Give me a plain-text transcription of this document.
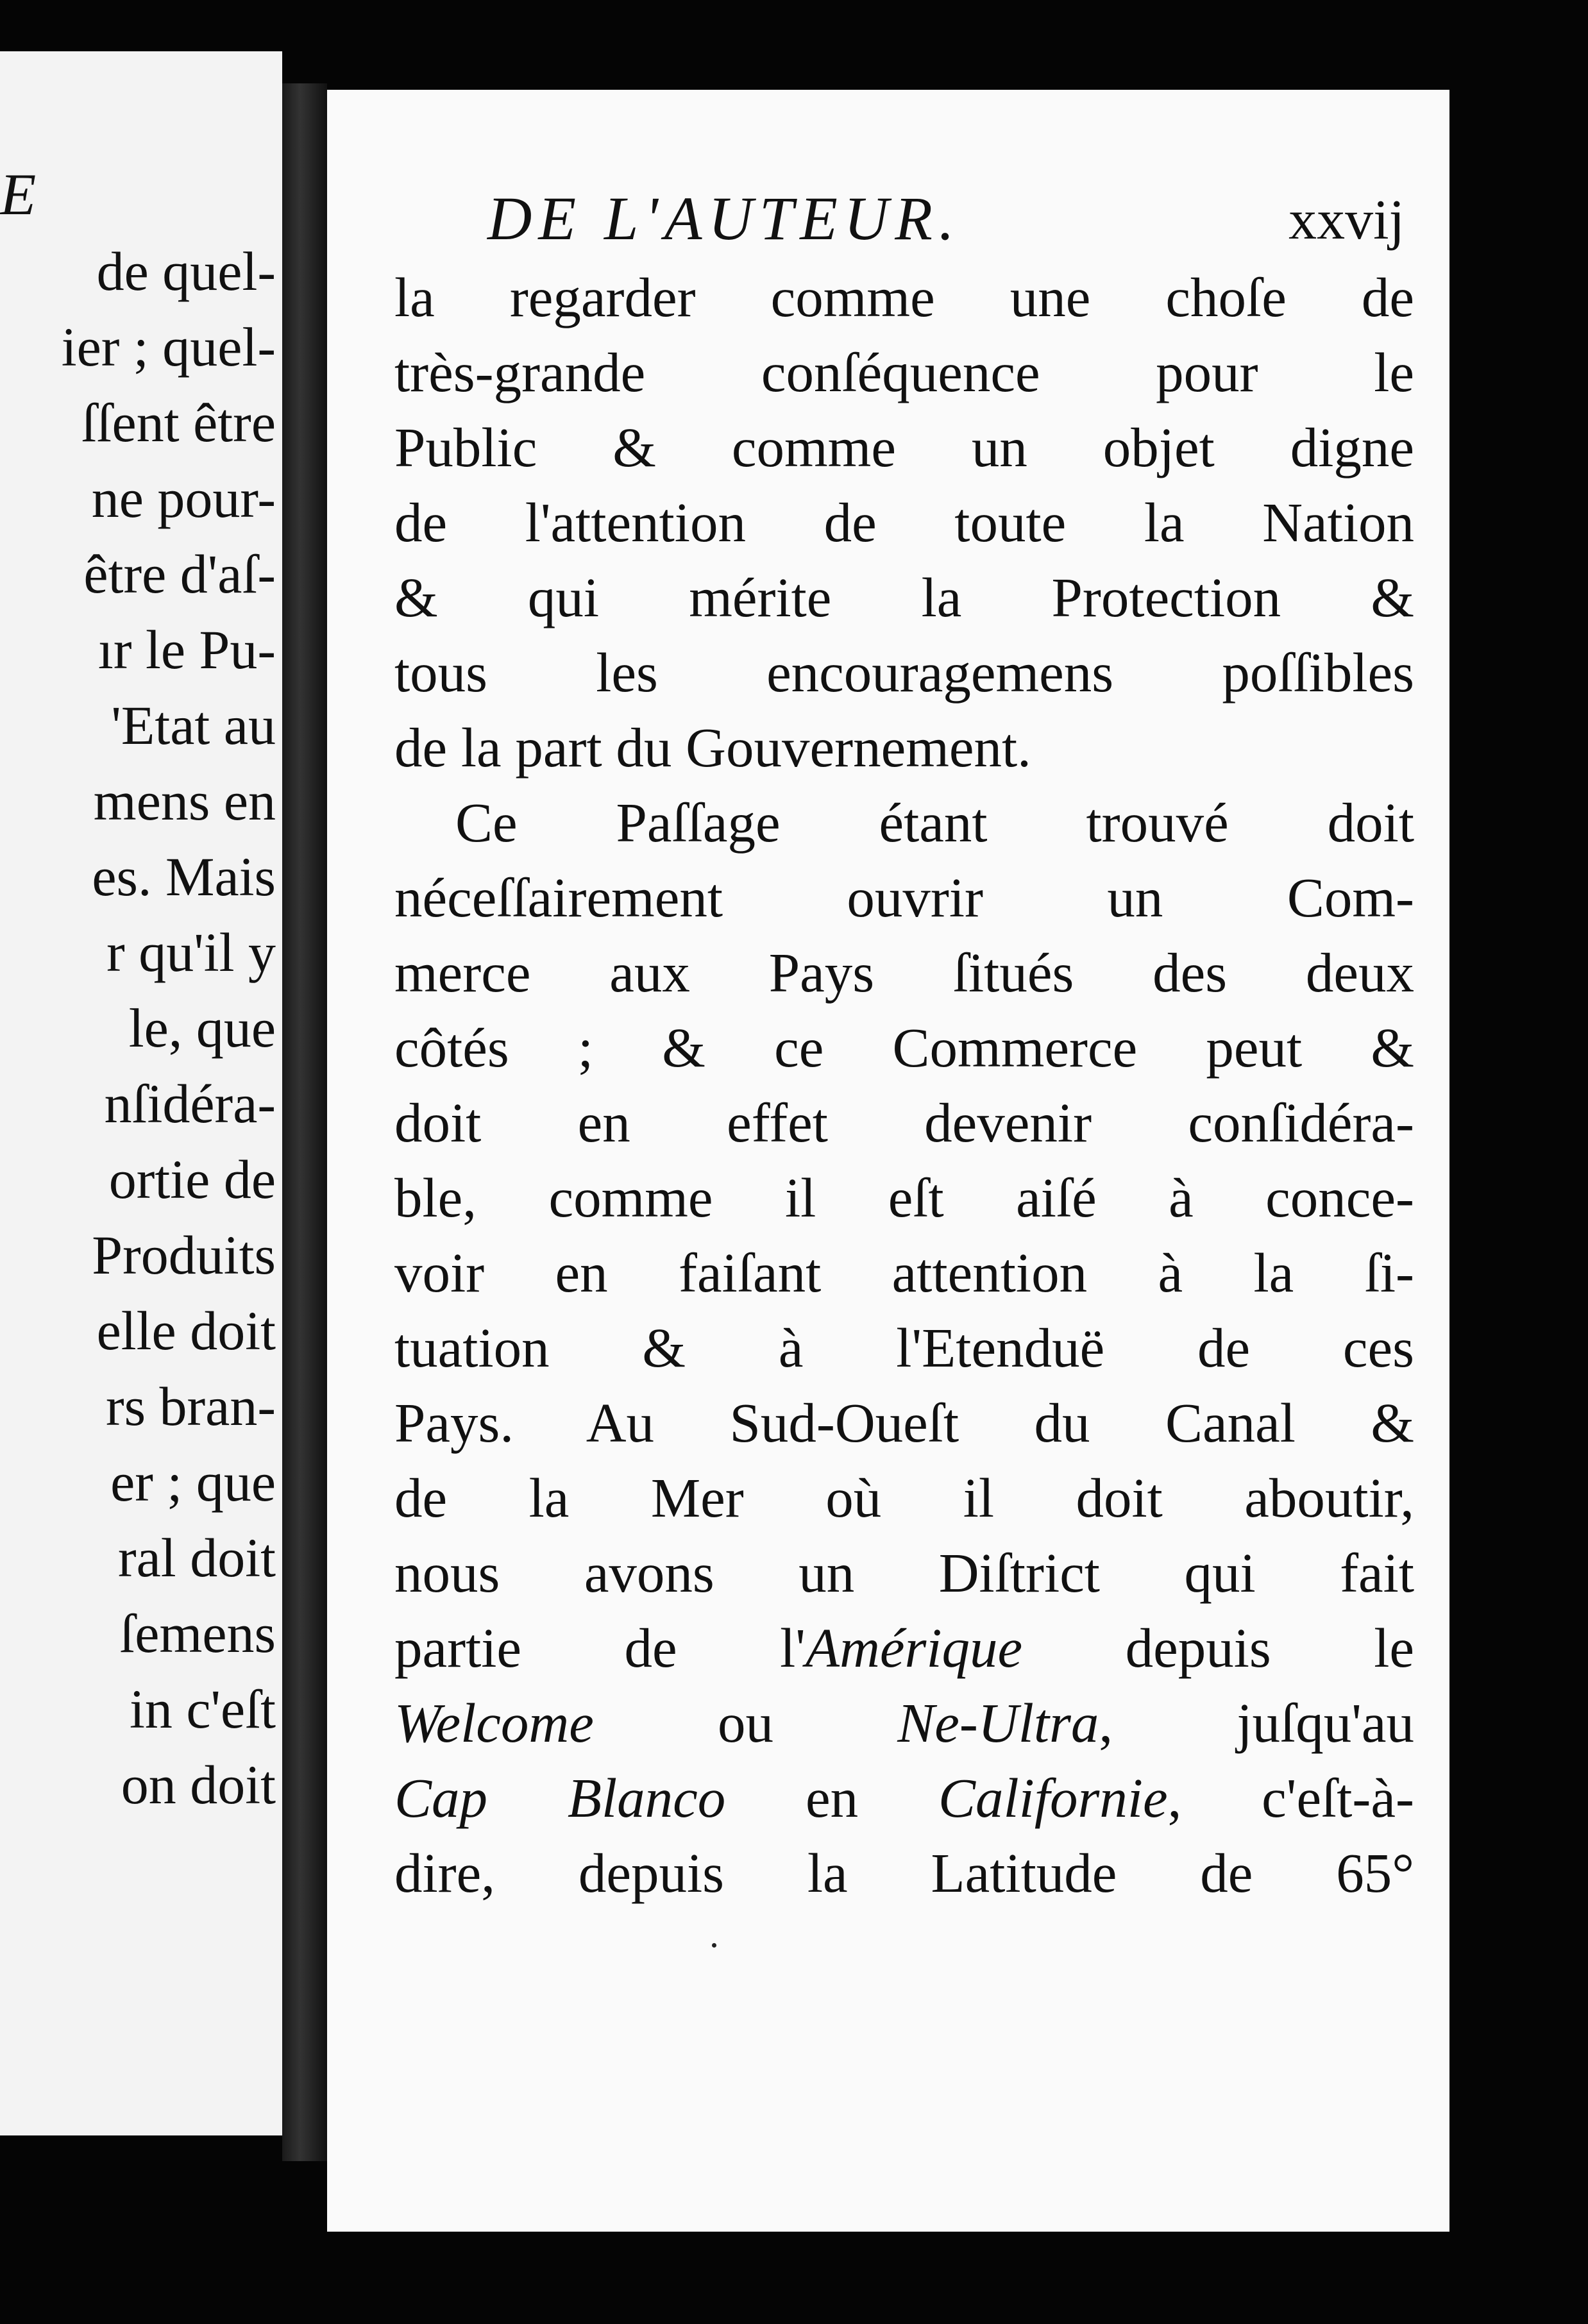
E
de quel-
ier ; quel-
ſſent être
ne pour-
être d'aſ-
ır le Pu-
'Etat au
mens en
es. Mais
r qu'il y
le, que
nſidéra-
ortie de
Produits
elle doit
rs bran-
er ; que
ral doit
ſemens
in c'eſt
on doit
DE L'AUTEUR.	xxvij
la regarder comme une choſe de
très-grande conſéquence pour le
Public & comme un objet digne
de l'attention de toute la Nation
& qui mérite la Protection &
tous les encouragemens poſſibles
de la part du Gouvernement.
Ce Paſſage étant trouvé doit
néceſſairement ouvrir un Com-
merce aux Pays ſitués des deux
côtés ; & ce Commerce peut &
doit en effet devenir conſidéra-
ble, comme il eſt aiſé à conce-
voir en faiſant attention à la ſi-
tuation & à l'Etenduë de ces
Pays. Au Sud-Oueſt du Canal &
de la Mer où il doit aboutir,
nous avons un Diſtrict qui fait
partie de l'Amérique depuis le
Welcome ou Ne-Ultra, juſqu'au
Cap Blanco en Californie, c'eſt-à-
dire, depuis la Latitude de 65°
